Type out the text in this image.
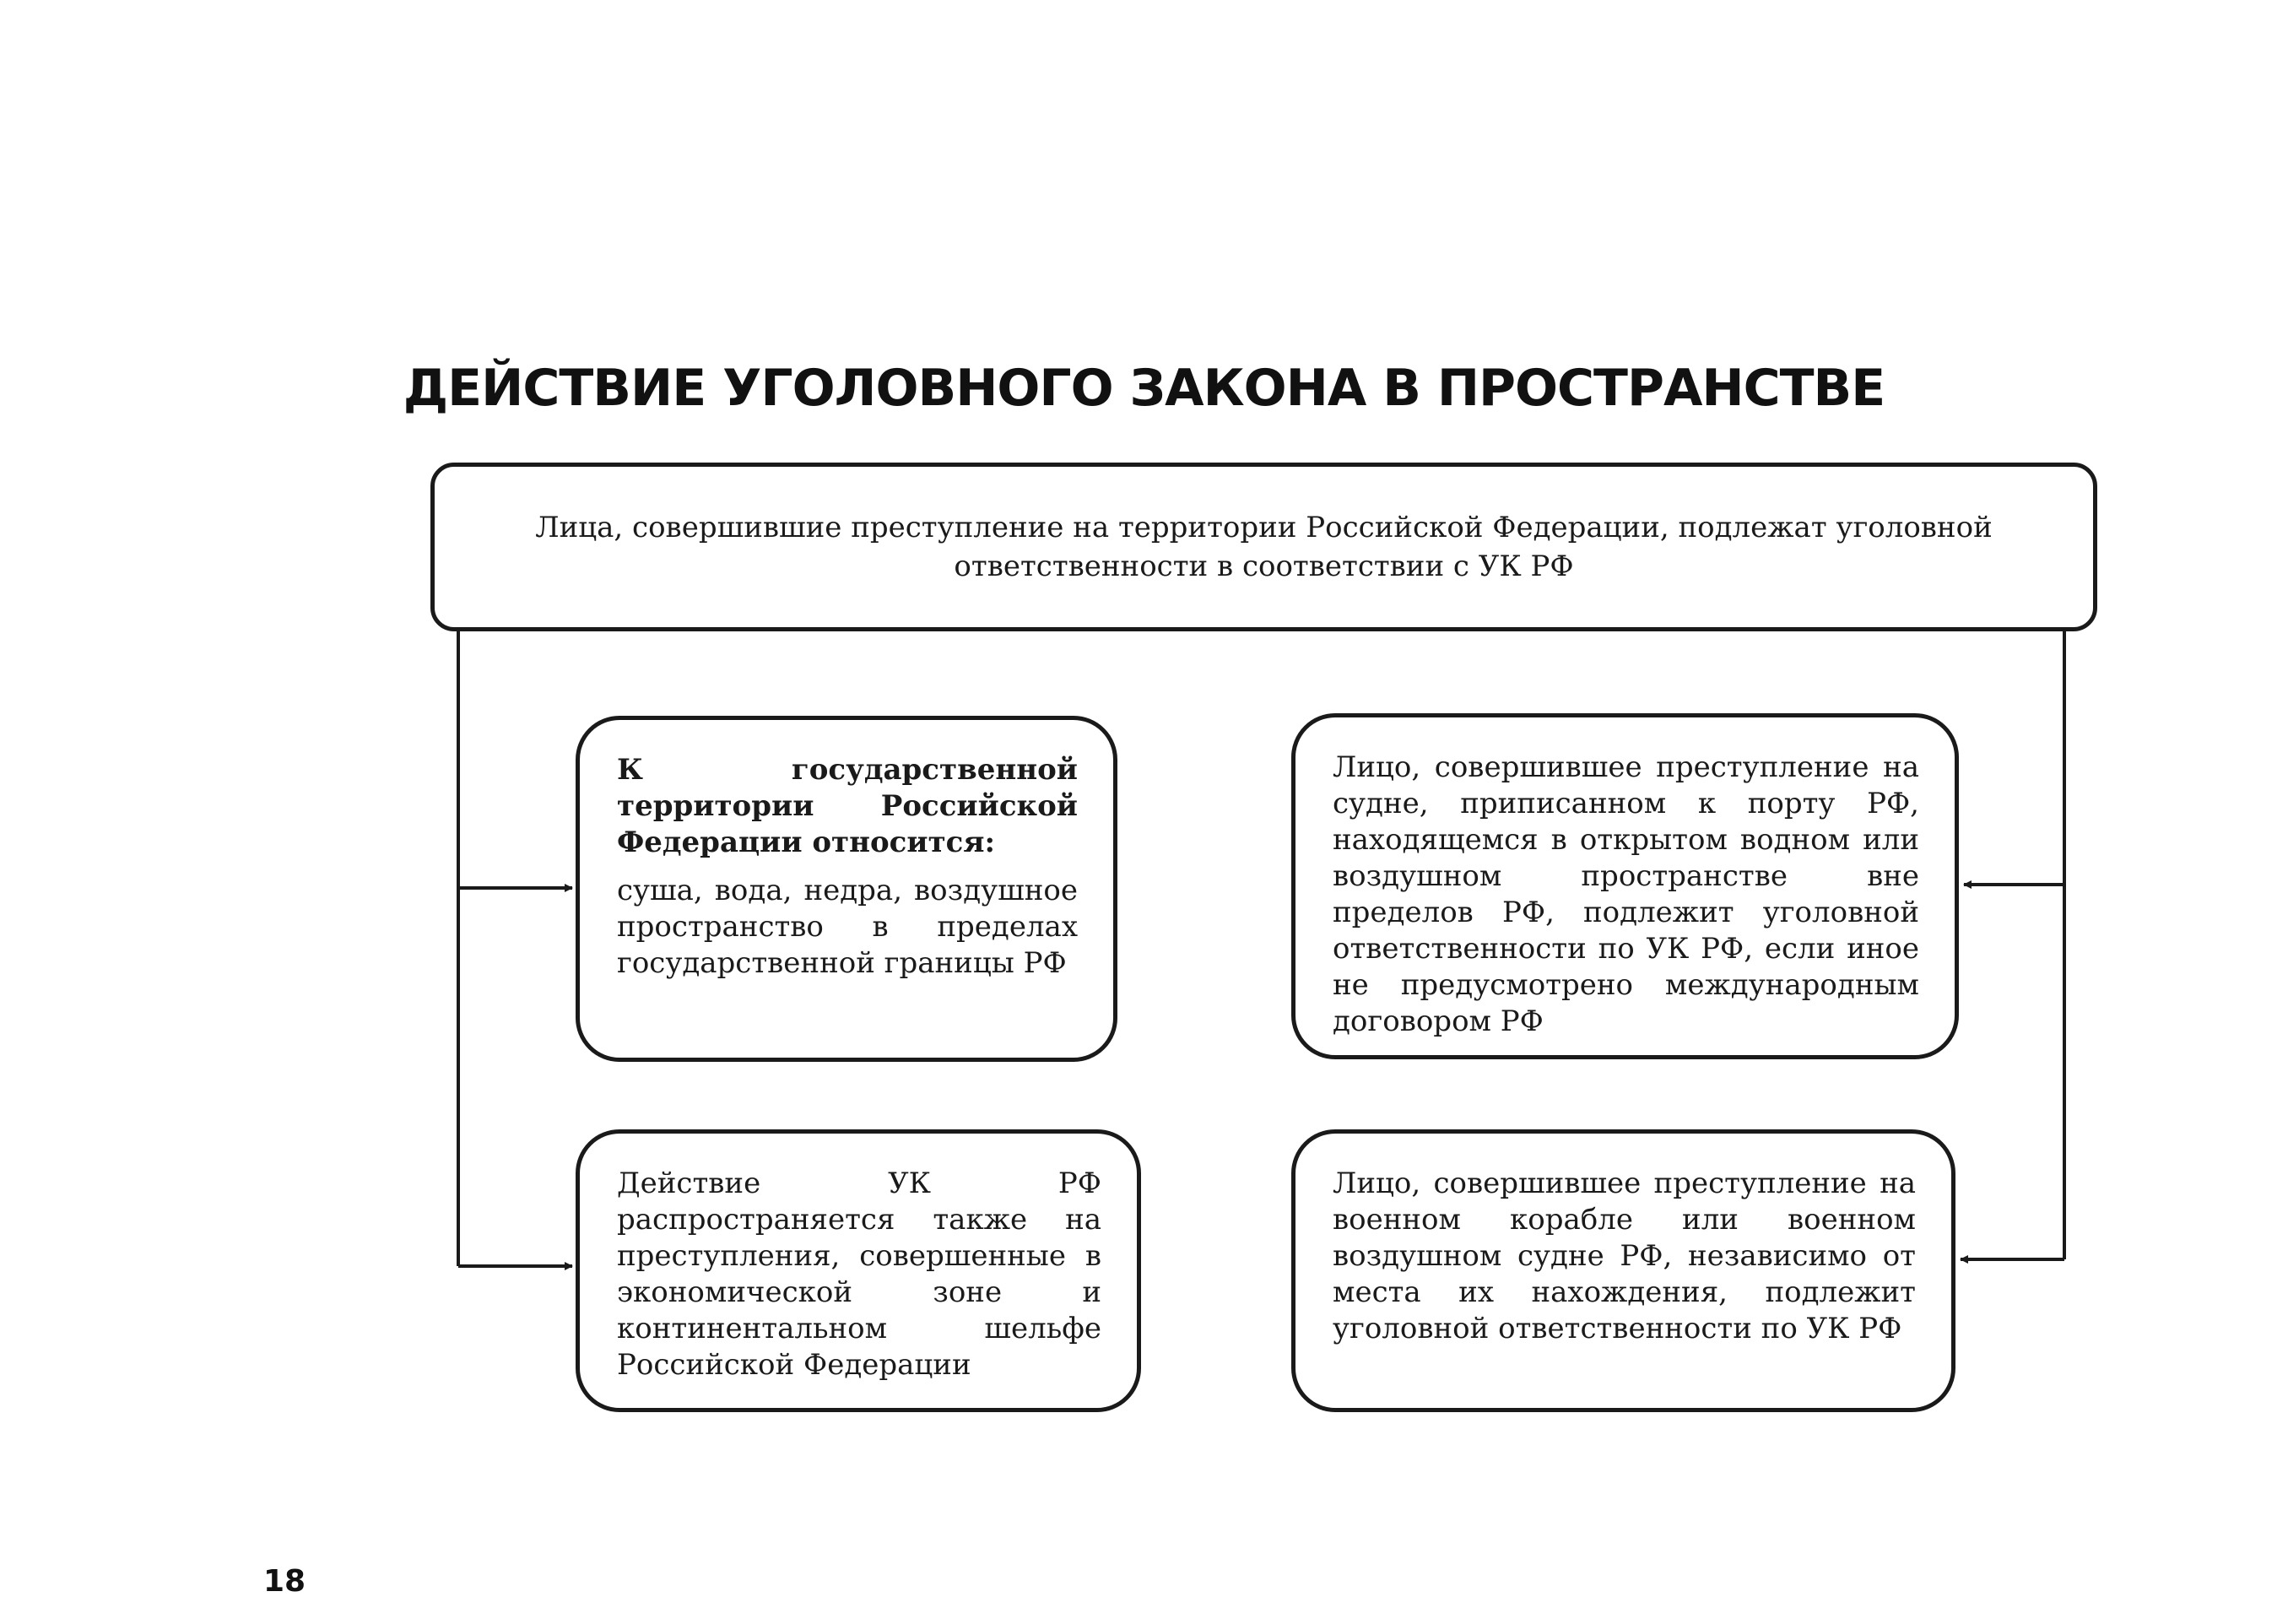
ДЕЙСТВИЕ УГОЛОВНОГО ЗАКОНА В ПРОСТРАНСТВЕ
Лица, совершившие преступление на территории Российской Федерации, подлежат уголовной ответственности в соответствии с УК РФ
К государственной территории Российской Федерации относится:
суша, вода, недра, воздушное пространство в пределах государственной границы РФ
Лицо, совершившее преступление на судне, приписанном к порту РФ, находящемся в открытом водном или воздушном пространстве вне пределов РФ, подлежит уголовной ответственности по УК РФ, если иное не предусмотрено международным договором РФ
Действие УК РФ распространяется также на преступления, совершенные в экономической зоне и континентальном шельфе Российской Федерации
Лицо, совершившее преступление на военном корабле или военном воздушном судне РФ, независимо от места их нахождения, подлежит уголовной ответственности по УК РФ
18
